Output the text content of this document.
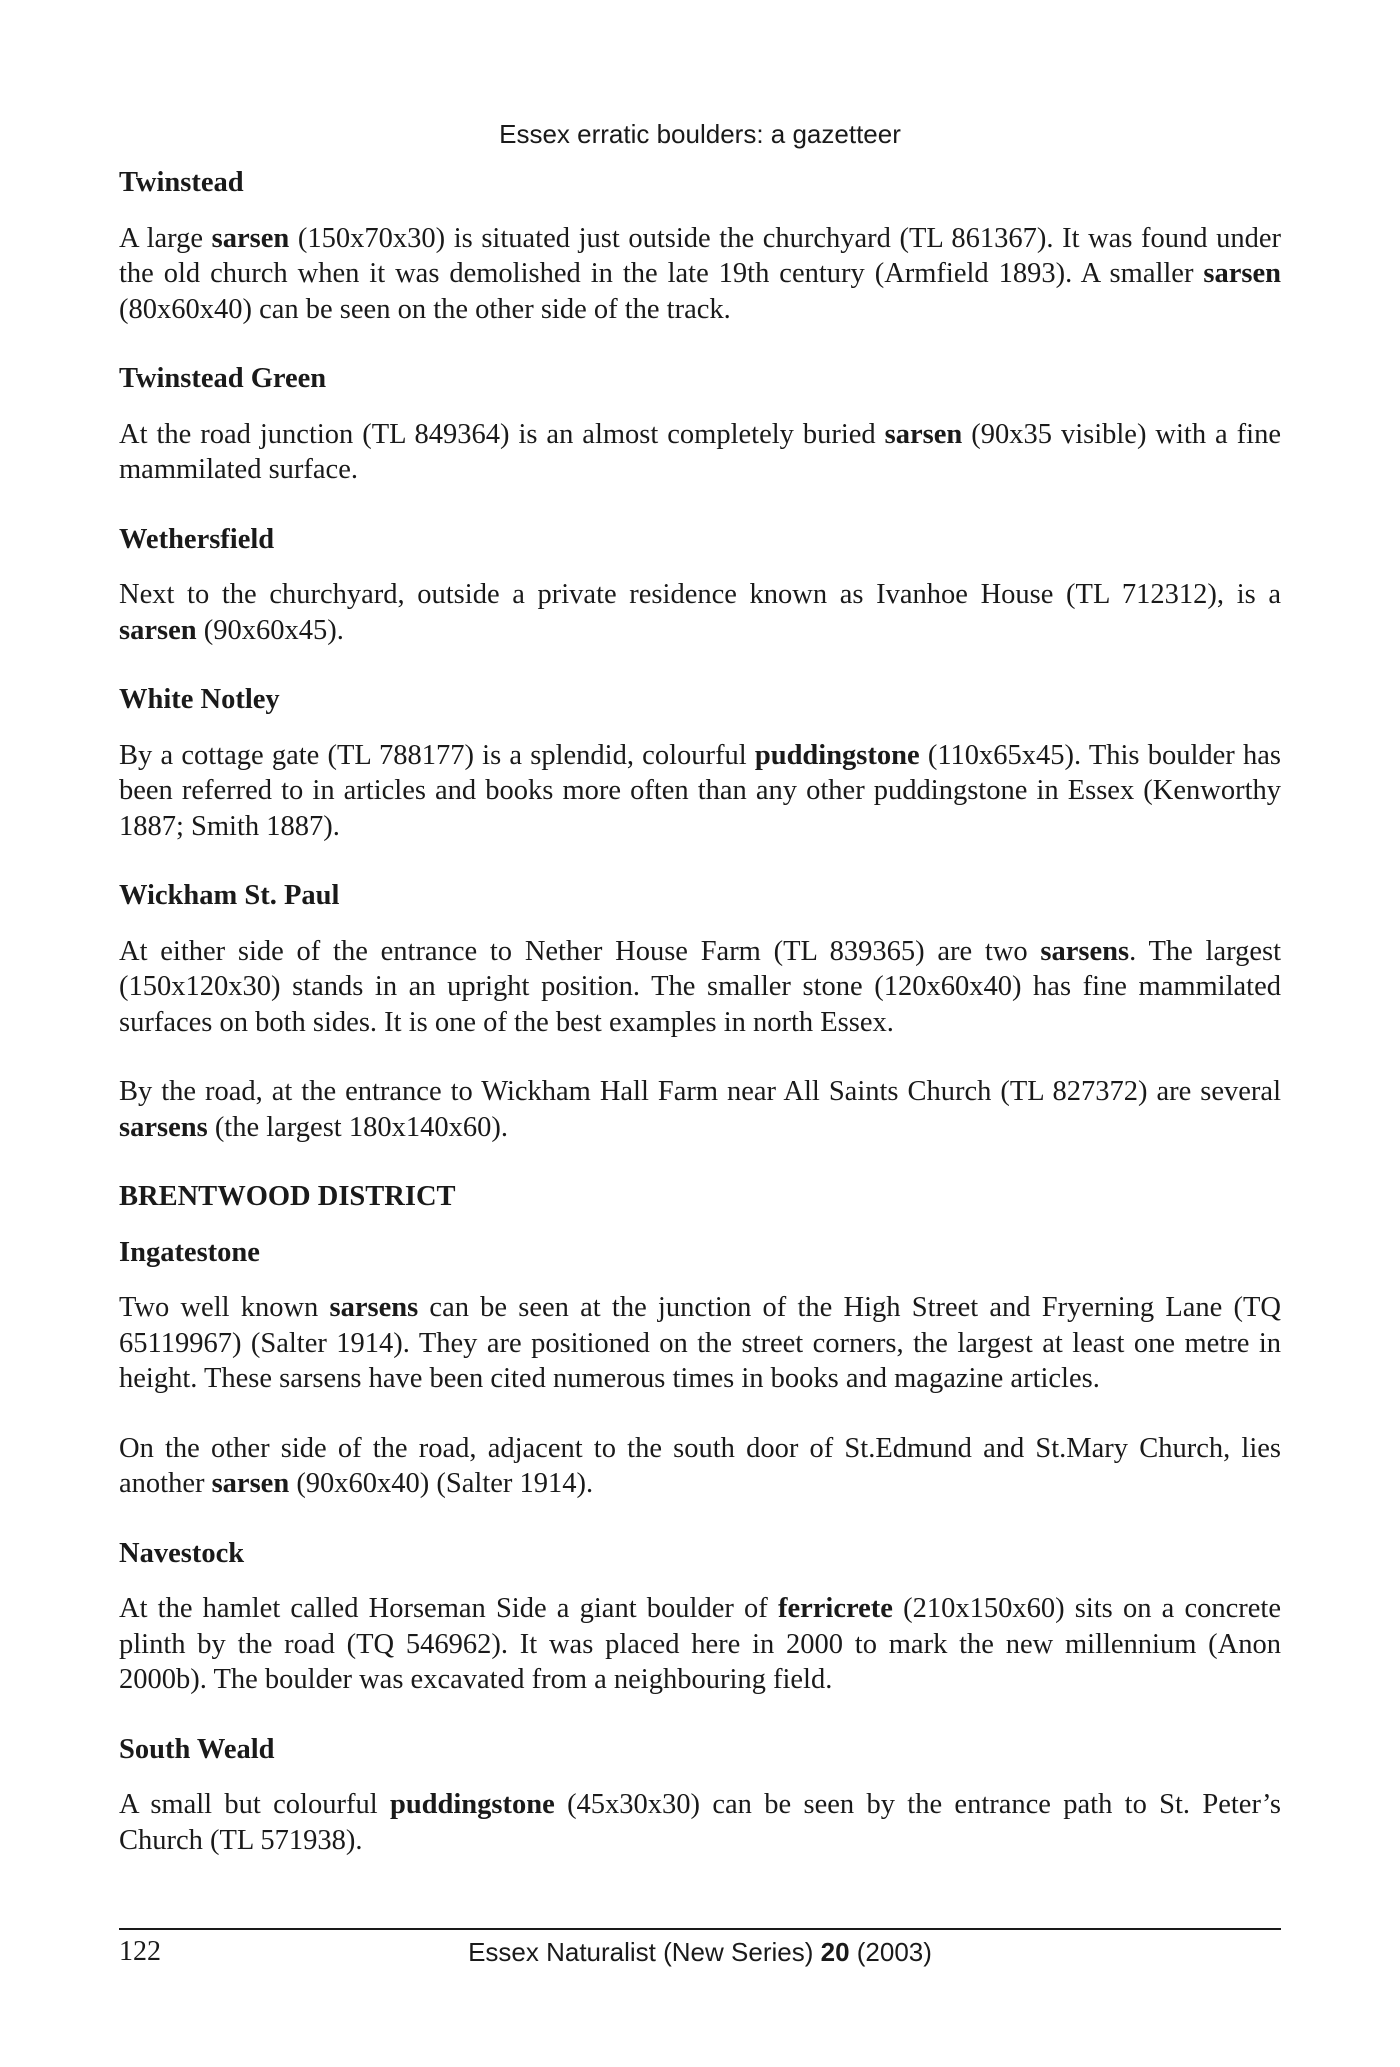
Essex erratic boulders: a gazetteer
Twinstead
A large sarsen (150x70x30) is situated just outside the churchyard (TL 861367). It was found under the old church when it was demolished in the late 19th century (Armfield 1893). A smaller sarsen (80x60x40) can be seen on the other side of the track.
Twinstead Green
At the road junction (TL 849364) is an almost completely buried sarsen (90x35 visible) with a fine mammilated surface.
Wethersfield
Next to the churchyard, outside a private residence known as Ivanhoe House (TL 712312), is a sarsen (90x60x45).
White Notley
By a cottage gate (TL 788177) is a splendid, colourful puddingstone (110x65x45). This boulder has been referred to in articles and books more often than any other puddingstone in Essex (Kenworthy 1887; Smith 1887).
Wickham St. Paul
At either side of the entrance to Nether House Farm (TL 839365) are two sarsens. The largest (150x120x30) stands in an upright position. The smaller stone (120x60x40) has fine mammilated surfaces on both sides. It is one of the best examples in north Essex.
By the road, at the entrance to Wickham Hall Farm near All Saints Church (TL 827372) are several sarsens (the largest 180x140x60).
BRENTWOOD DISTRICT
Ingatestone
Two well known sarsens can be seen at the junction of the High Street and Fryerning Lane (TQ 65119967) (Salter 1914). They are positioned on the street corners, the largest at least one metre in height. These sarsens have been cited numerous times in books and magazine articles.
On the other side of the road, adjacent to the south door of St.Edmund and St.Mary Church, lies another sarsen (90x60x40) (Salter 1914).
Navestock
At the hamlet called Horseman Side a giant boulder of ferricrete (210x150x60) sits on a concrete plinth by the road (TQ 546962). It was placed here in 2000 to mark the new millennium (Anon 2000b). The boulder was excavated from a neighbouring field.
South Weald
A small but colourful puddingstone (45x30x30) can be seen by the entrance path to St. Peter’s Church (TL 571938).
122	Essex Naturalist (New Series) 20 (2003)
